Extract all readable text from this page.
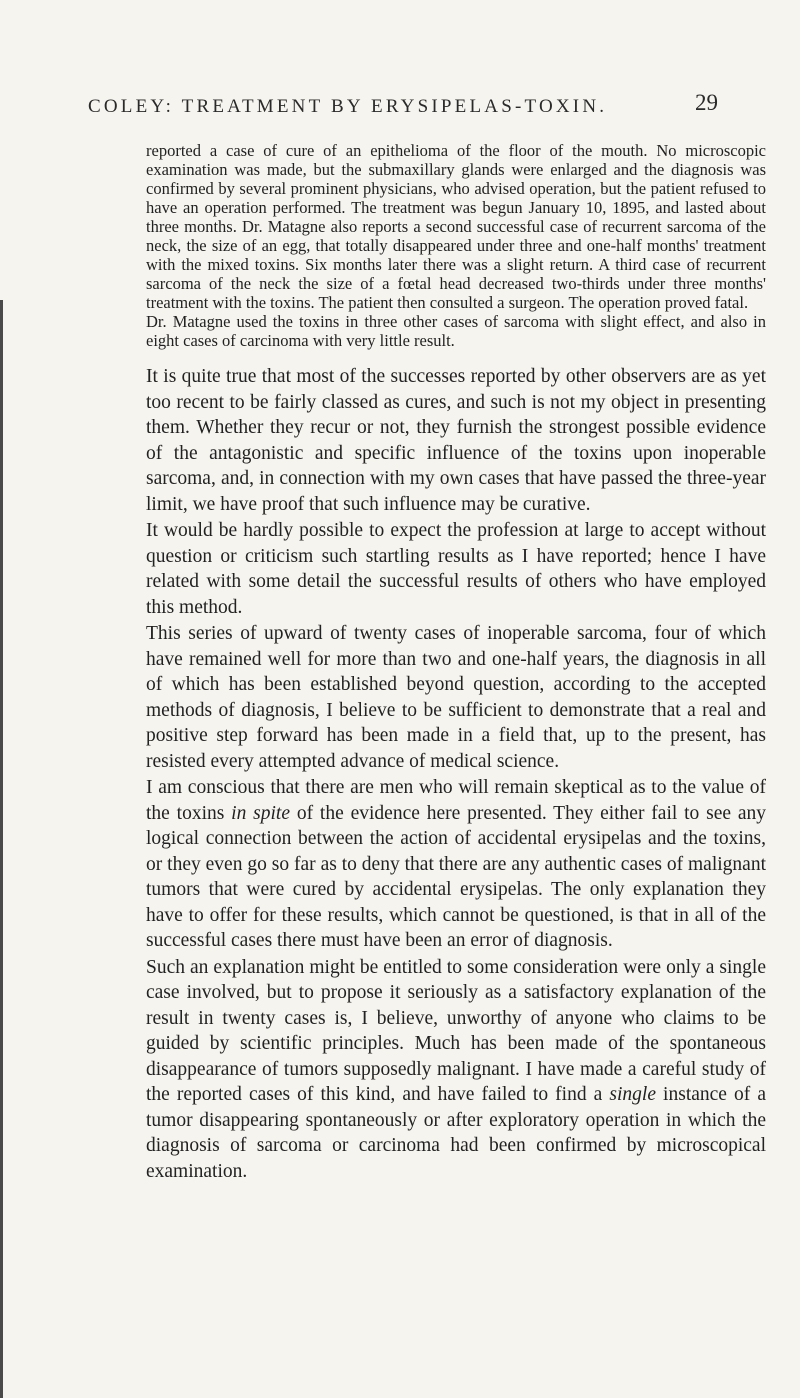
COLEY: TREATMENT BY ERYSIPELAS-TOXIN.	29

reported a case of cure of an epithelioma of the floor of the mouth. No microscopic examination was made, but the submaxillary glands were enlarged and the diagnosis was confirmed by several prominent physicians, who advised operation, but the patient refused to have an operation performed. The treatment was begun January 10, 1895, and lasted about three months. Dr. Matagne also reports a second successful case of recurrent sarcoma of the neck, the size of an egg, that totally disappeared under three and one-half months' treatment with the mixed toxins. Six months later there was a slight return. A third case of recurrent sarcoma of the neck the size of a fœtal head decreased two-thirds under three months' treatment with the toxins. The patient then consulted a surgeon. The operation proved fatal.

Dr. Matagne used the toxins in three other cases of sarcoma with slight effect, and also in eight cases of carcinoma with very little result.

It is quite true that most of the successes reported by other observers are as yet too recent to be fairly classed as cures, and such is not my object in presenting them. Whether they recur or not, they furnish the strongest possible evidence of the antagonistic and specific influence of the toxins upon inoperable sarcoma, and, in connection with my own cases that have passed the three-year limit, we have proof that such influence may be curative.

It would be hardly possible to expect the profession at large to accept without question or criticism such startling results as I have reported; hence I have related with some detail the successful results of others who have employed this method.

This series of upward of twenty cases of inoperable sarcoma, four of which have remained well for more than two and one-half years, the diagnosis in all of which has been established beyond question, according to the accepted methods of diagnosis, I believe to be sufficient to demonstrate that a real and positive step forward has been made in a field that, up to the present, has resisted every attempted advance of medical science.

I am conscious that there are men who will remain skeptical as to the value of the toxins in spite of the evidence here presented. They either fail to see any logical connection between the action of accidental erysipelas and the toxins, or they even go so far as to deny that there are any authentic cases of malignant tumors that were cured by accidental erysipelas. The only explanation they have to offer for these results, which cannot be questioned, is that in all of the successful cases there must have been an error of diagnosis.

Such an explanation might be entitled to some consideration were only a single case involved, but to propose it seriously as a satisfactory explanation of the result in twenty cases is, I believe, unworthy of anyone who claims to be guided by scientific principles. Much has been made of the spontaneous disappearance of tumors supposedly malignant. I have made a careful study of the reported cases of this kind, and have failed to find a single instance of a tumor disappearing spontaneously or after exploratory operation in which the diagnosis of sarcoma or carcinoma had been confirmed by microscopical examination.
